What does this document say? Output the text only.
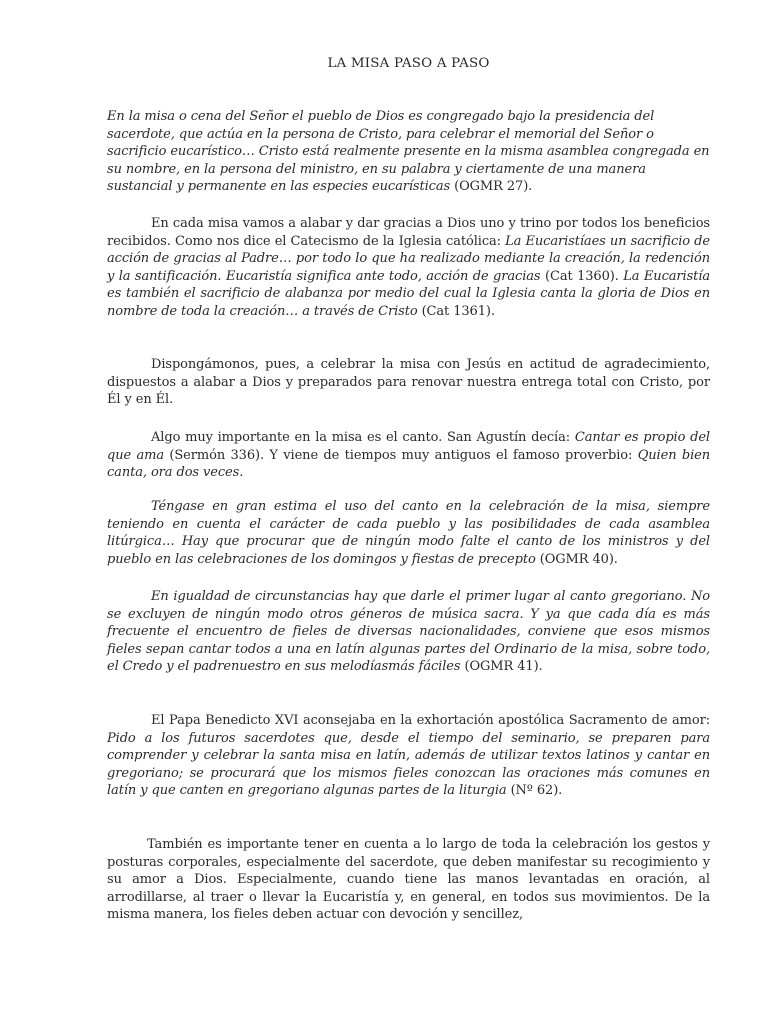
LA MISA PASO A PASO

En la misa o cena del Señor el pueblo de Dios es congregado bajo la presidencia del sacerdote, que actúa en la persona de Cristo, para celebrar el memorial del Señor o sacrificio eucarístico… Cristo está realmente presente en la misma asamblea congregada en su nombre, en la persona del ministro, en su palabra y ciertamente de una manera sustancial y permanente en las especies eucarísticas (OGMR 27).

En cada misa vamos a alabar y dar gracias a Dios uno y trino por todos los beneficios recibidos. Como nos dice el Catecismo de la Iglesia católica: La Eucaristíaes un sacrificio de acción de gracias al Padre… por todo lo que ha realizado mediante la creación, la redención y la santificación. Eucaristía significa ante todo, acción de gracias (Cat 1360). La Eucaristía es también el sacrificio de alabanza por medio del cual la Iglesia canta la gloria de Dios en nombre de toda la creación… a través de Cristo (Cat 1361).

Dispongámonos, pues, a celebrar la misa con Jesús en actitud de agradecimiento, dispuestos a alabar a Dios y preparados para renovar nuestra entrega total con Cristo, por Él y en Él.

Algo muy importante en la misa es el canto. San Agustín decía: Cantar es propio del que ama (Sermón 336). Y viene de tiempos muy antiguos el famoso proverbio: Quien bien canta, ora dos veces.

Téngase en gran estima el uso del canto en la celebración de la misa, siempre teniendo en cuenta el carácter de cada pueblo y las posibilidades de cada asamblea litúrgica… Hay que procurar que de ningún modo falte el canto de los ministros y del pueblo en las celebraciones de los domingos y fiestas de precepto (OGMR 40).

En igualdad de circunstancias hay que darle el primer lugar al canto gregoriano. No se excluyen de ningún modo otros géneros de música sacra. Y ya que cada día es más frecuente el encuentro de fieles de diversas nacionalidades, conviene que esos mismos fieles sepan cantar todos a una en latín algunas partes del Ordinario de la misa, sobre todo, el Credo y el padrenuestro en sus melodíasmás fáciles (OGMR 41).

El Papa Benedicto XVI aconsejaba en la exhortación apostólica Sacramento de amor: Pido a los futuros sacerdotes que, desde el tiempo del seminario, se preparen para comprender y celebrar la santa misa en latín, además de utilizar textos latinos y cantar en gregoriano; se procurará que los mismos fieles conozcan las oraciones más comunes en latín y que canten en gregoriano algunas partes de la liturgia (Nº 62).

También es importante tener en cuenta a lo largo de toda la celebración los gestos y posturas corporales, especialmente del sacerdote, que deben manifestar su recogimiento y su amor a Dios. Especialmente, cuando tiene las manos levantadas en oración, al arrodillarse, al traer o llevar la Eucaristía y, en general, en todos sus movimientos. De la misma manera, los fieles deben actuar con devoción y sencillez,
